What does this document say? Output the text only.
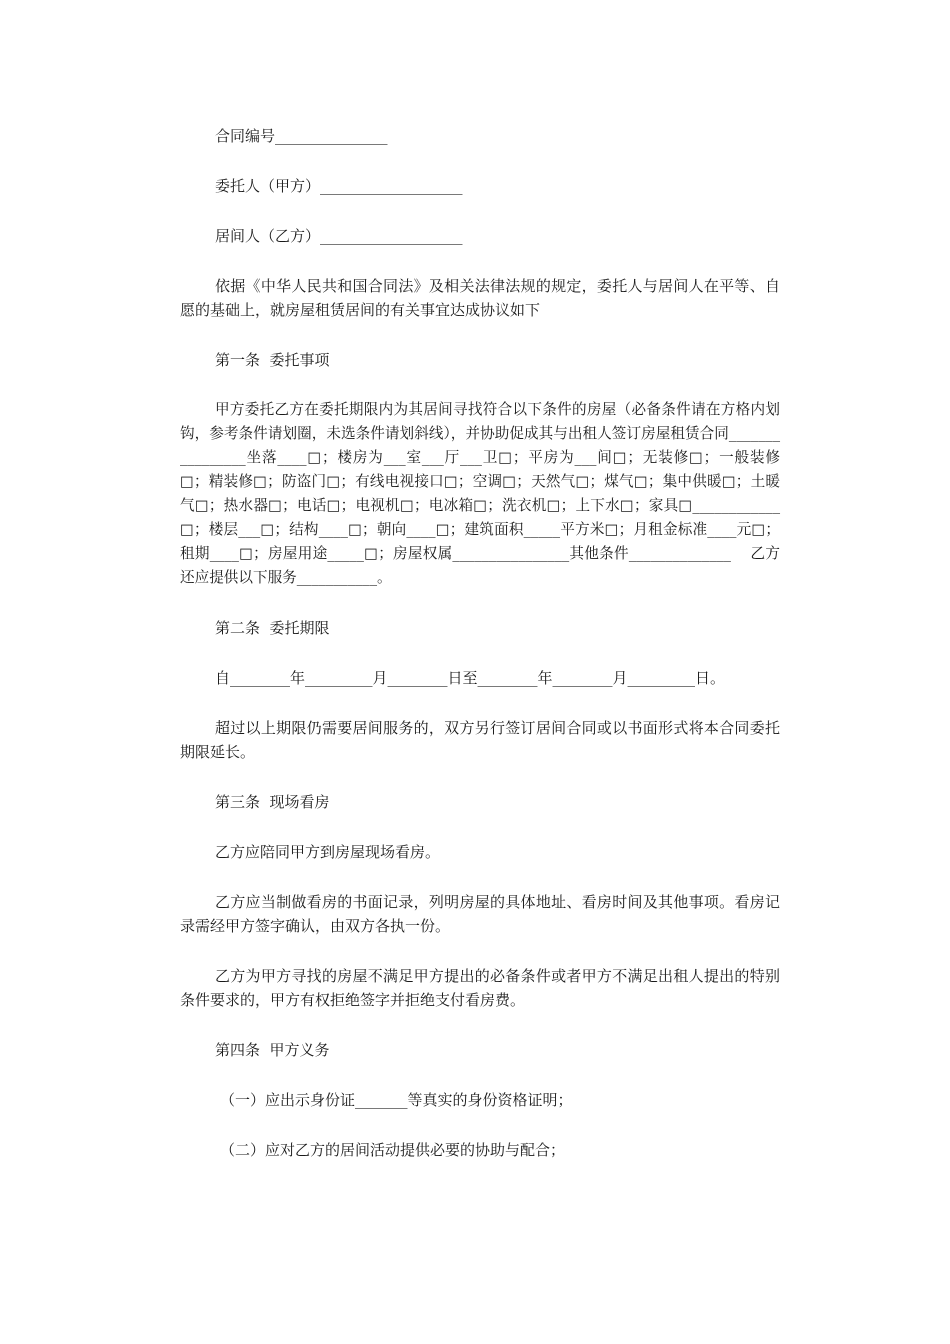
合同编号_______________

委托人（甲方）___________________

居间人（乙方）___________________

依据《中华人民共和国合同法》及相关法律法规的规定，委托人与居间人在平等、自愿的基础上，就房屋租赁居间的有关事宜达成协议如下

第一条  委托事项

甲方委托乙方在委托期限内为其居间寻找符合以下条件的房屋（必备条件请在方格内划钩，参考条件请划圈，未选条件请划斜线），并协助促成其与出租人签订房屋租赁合同________________坐落____□；楼房为___室___厅___卫□；平房为___间□；无装修□；一般装修□；精装修□；防盗门□；有线电视接口□；空调□；天然气□；煤气□；集中供暖□；土暖气□；热水器□；电话□；电视机□；电冰箱□；洗衣机□；上下水□；家具□____________□；楼层___□；结构____□；朝向____□；建筑面积_____平方米□；月租金标准____元□；租期____□；房屋用途_____□；房屋权属________________其他条件______________    乙方还应提供以下服务___________。

第二条  委托期限

自________年_________月________日至________年________月_________日。

超过以上期限仍需要居间服务的，双方另行签订居间合同或以书面形式将本合同委托期限延长。

第三条  现场看房

乙方应陪同甲方到房屋现场看房。

乙方应当制做看房的书面记录，列明房屋的具体地址、看房时间及其他事项。看房记录需经甲方签字确认，由双方各执一份。

乙方为甲方寻找的房屋不满足甲方提出的必备条件或者甲方不满足出租人提出的特别条件要求的，甲方有权拒绝签字并拒绝支付看房费。

第四条  甲方义务

（一）应出示身份证_______等真实的身份资格证明；

（二）应对乙方的居间活动提供必要的协助与配合；
